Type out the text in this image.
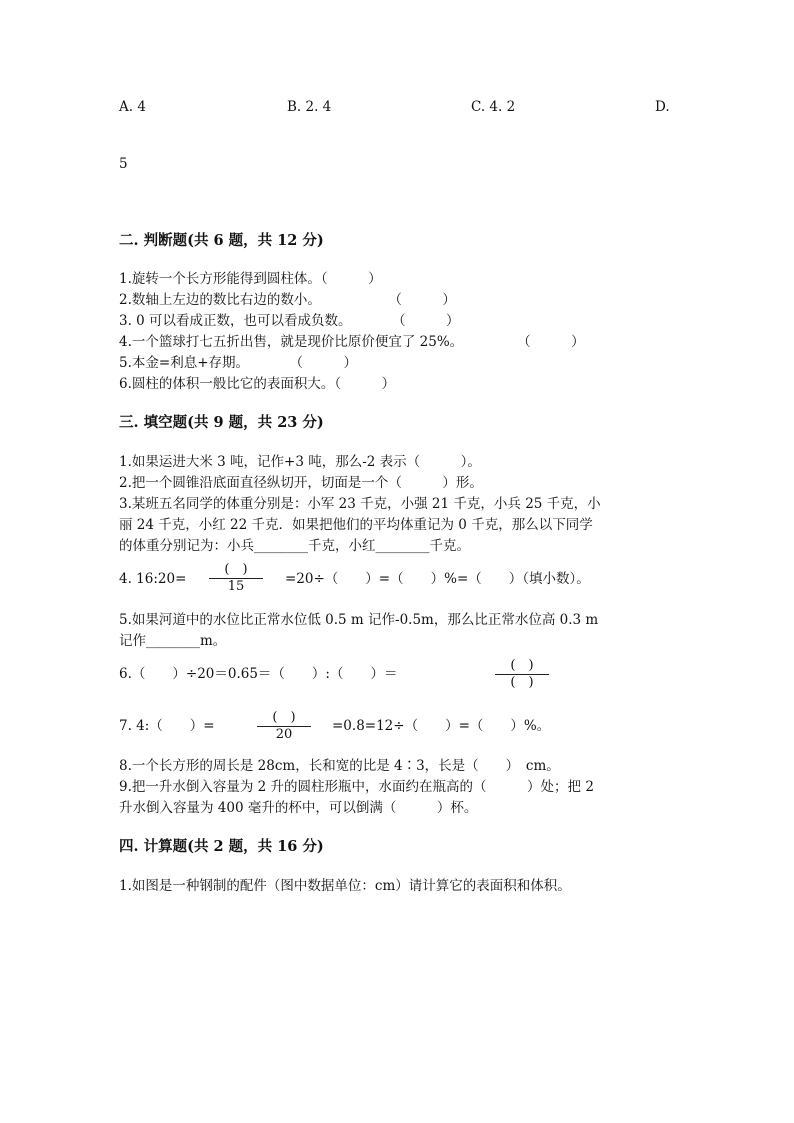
A. 4	B. 2. 4	C. 4. 2	D.
5
二. 判断题(共 6 题，共 12 分)
1.旋转一个长方形能得到圆柱体。（　　　）
2.数轴上左边的数比右边的数小。　　　　　　（　　　）
3. 0 可以看成正数，也可以看成负数。　　　　（　　　）
4.一个篮球打七五折出售，就是现价比原价便宜了 25%。　　　　　（　　　）
5.本金=利息+存期。　　　　（　　　）
6.圆柱的体积一般比它的表面积大。（　　　）
三. 填空题(共 9 题，共 23 分)
1.如果运进大米 3 吨，记作+3 吨，那么-2 表示（　　　）。
2.把一个圆锥沿底面直径纵切开，切面是一个（　　　）形。
3.某班五名同学的体重分别是：小军 23 千克，小强 21 千克，小兵 25 千克，小
丽 24 千克，小红 22 千克．如果把他们的平均体重记为 0 千克，那么以下同学
的体重分别记为：小兵________千克，小红________千克。
4. 16:20=
(　)
15	=20÷（　　）=（　　）%=（　　）（填小数）。
5.如果河道中的水位比正常水位低 0.5 m 记作-0.5m，那么比正常水位高 0.3 m
记作________m。
6.（　　）÷20＝0.65＝（　　）:（　　）＝
(　)
(　)
7. 4:（　　）=
(　)
20
=0.8=12÷（　　）=（　　）%。
8.一个长方形的周长是 28cm，长和宽的比是 4∶3，长是（　　）　cm。
9.把一升水倒入容量为 2 升的圆柱形瓶中，水面约在瓶高的（　　　）处；把 2
升水倒入容量为 400 毫升的杯中，可以倒满（　　　）杯。
四. 计算题(共 2 题，共 16 分)
1.如图是一种钢制的配件（图中数据单位：cm）请计算它的表面积和体积。
